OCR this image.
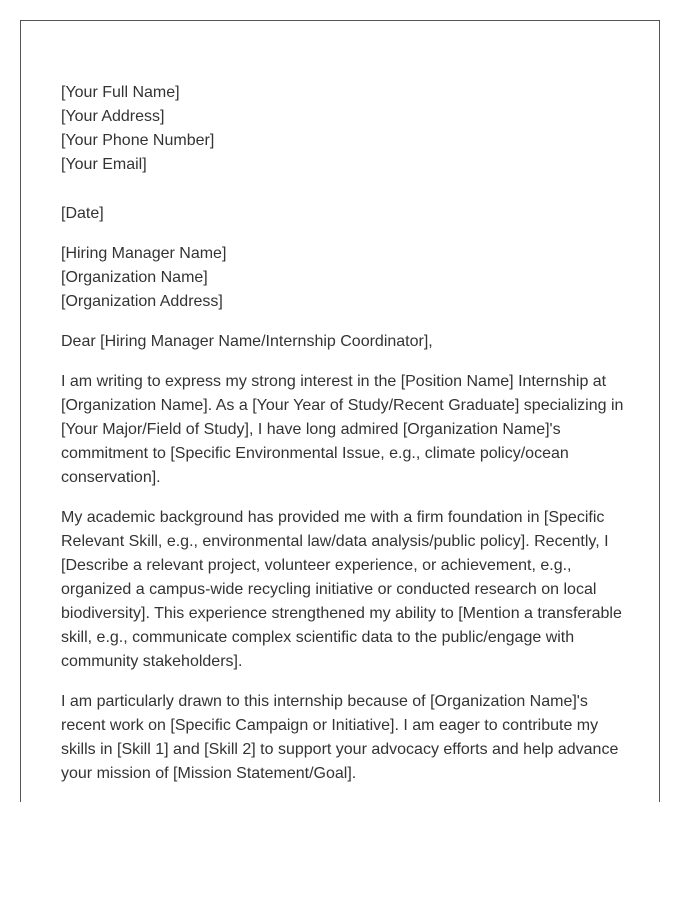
[Your Full Name]
[Your Address]
[Your Phone Number]
[Your Email]
[Date]
[Hiring Manager Name]
[Organization Name]
[Organization Address]

Dear [Hiring Manager Name/Internship Coordinator],

I am writing to express my strong interest in the [Position Name] Internship at [Organization Name]. As a [Your Year of Study/Recent Graduate] specializing in [Your Major/Field of Study], I have long admired [Organization Name]'s commitment to [Specific Environmental Issue, e.g., climate policy/ocean conservation].

My academic background has provided me with a firm foundation in [Specific Relevant Skill, e.g., environmental law/data analysis/public policy]. Recently, I [Describe a relevant project, volunteer experience, or achievement, e.g., organized a campus-wide recycling initiative or conducted research on local biodiversity]. This experience strengthened my ability to [Mention a transferable skill, e.g., communicate complex scientific data to the public/engage with community stakeholders].

I am particularly drawn to this internship because of [Organization Name]'s recent work on [Specific Campaign or Initiative]. I am eager to contribute my skills in [Skill 1] and [Skill 2] to support your advocacy efforts and help advance your mission of [Mission Statement/Goal].
